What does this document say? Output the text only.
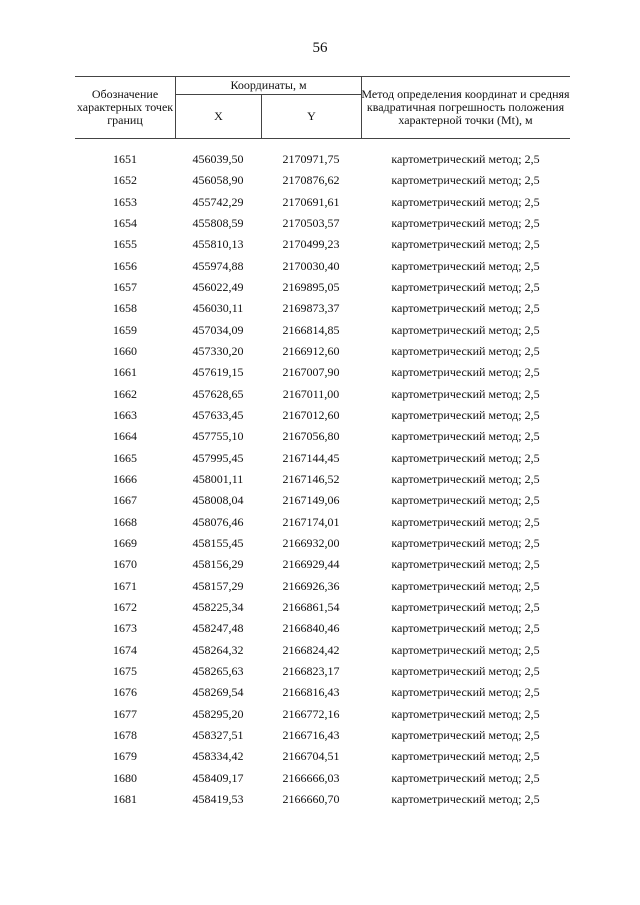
56
Обозначение характерных точек границ
Координаты, м
X	Y
Метод определения координат и средняя квадратичная погрешность положения характерной точки (Mt), м
1651	456039,50	2170971,75	картометрический метод; 2,5
1652	456058,90	2170876,62	картометрический метод; 2,5
1653	455742,29	2170691,61	картометрический метод; 2,5
1654	455808,59	2170503,57	картометрический метод; 2,5
1655	455810,13	2170499,23	картометрический метод; 2,5
1656	455974,88	2170030,40	картометрический метод; 2,5
1657	456022,49	2169895,05	картометрический метод; 2,5
1658	456030,11	2169873,37	картометрический метод; 2,5
1659	457034,09	2166814,85	картометрический метод; 2,5
1660	457330,20	2166912,60	картометрический метод; 2,5
1661	457619,15	2167007,90	картометрический метод; 2,5
1662	457628,65	2167011,00	картометрический метод; 2,5
1663	457633,45	2167012,60	картометрический метод; 2,5
1664	457755,10	2167056,80	картометрический метод; 2,5
1665	457995,45	2167144,45	картометрический метод; 2,5
1666	458001,11	2167146,52	картометрический метод; 2,5
1667	458008,04	2167149,06	картометрический метод; 2,5
1668	458076,46	2167174,01	картометрический метод; 2,5
1669	458155,45	2166932,00	картометрический метод; 2,5
1670	458156,29	2166929,44	картометрический метод; 2,5
1671	458157,29	2166926,36	картометрический метод; 2,5
1672	458225,34	2166861,54	картометрический метод; 2,5
1673	458247,48	2166840,46	картометрический метод; 2,5
1674	458264,32	2166824,42	картометрический метод; 2,5
1675	458265,63	2166823,17	картометрический метод; 2,5
1676	458269,54	2166816,43	картометрический метод; 2,5
1677	458295,20	2166772,16	картометрический метод; 2,5
1678	458327,51	2166716,43	картометрический метод; 2,5
1679	458334,42	2166704,51	картометрический метод; 2,5
1680	458409,17	2166666,03	картометрический метод; 2,5
1681	458419,53	2166660,70	картометрический метод; 2,5
